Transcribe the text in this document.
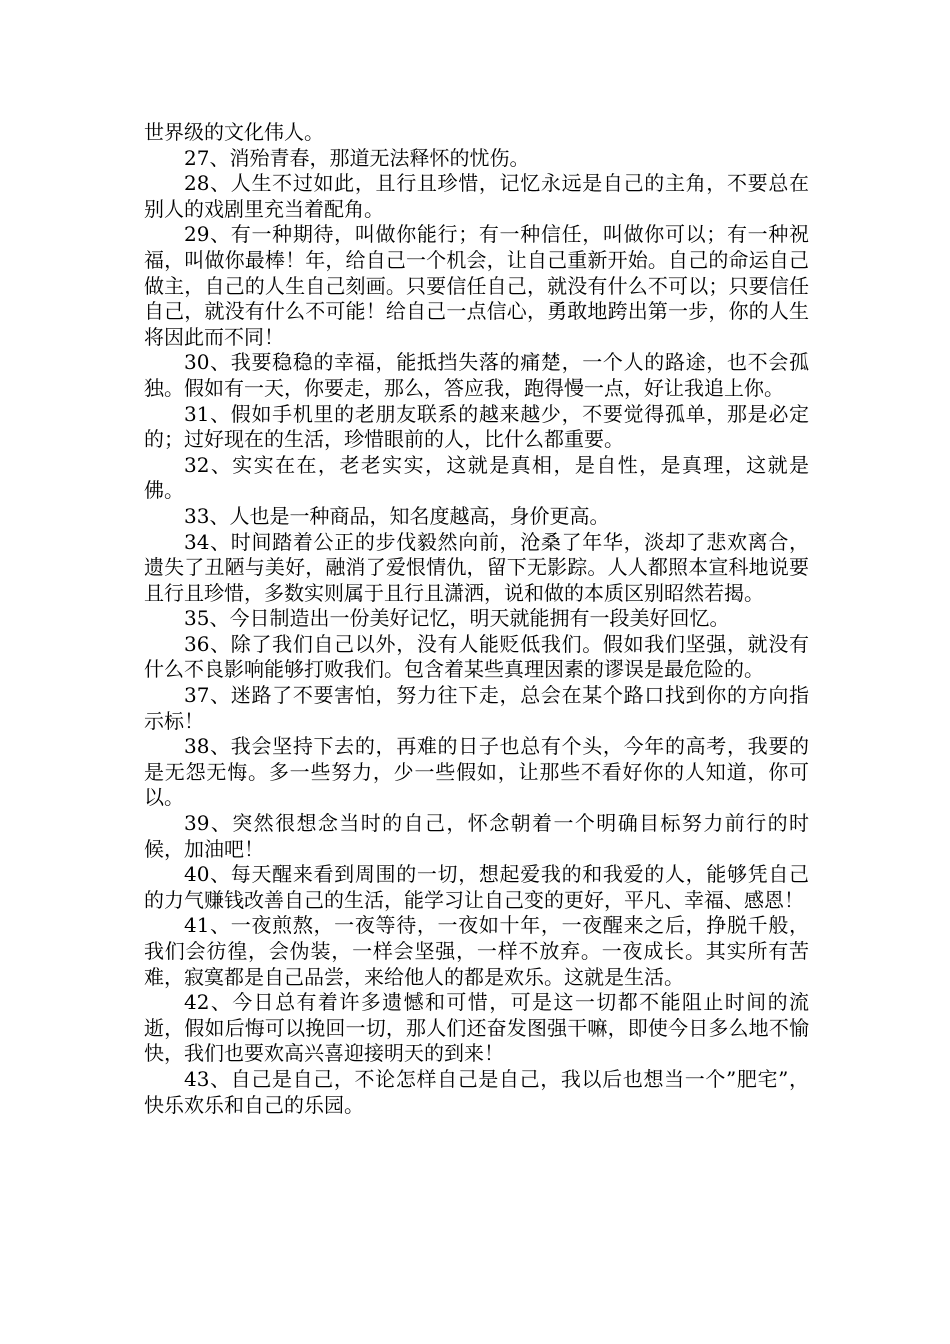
世界级的文化伟人。

27、消殆青春，那道无法释怀的忧伤。

28、人生不过如此，且行且珍惜，记忆永远是自己的主角，不要总在别人的戏剧里充当着配角。

29、有一种期待，叫做你能行；有一种信任，叫做你可以；有一种祝福，叫做你最棒！年，给自己一个机会，让自己重新开始。自己的命运自己做主，自己的人生自己刻画。只要信任自己，就没有什么不可以；只要信任自己，就没有什么不可能！给自己一点信心，勇敢地跨出第一步，你的人生将因此而不同！

30、我要稳稳的幸福，能抵挡失落的痛楚，一个人的路途，也不会孤独。假如有一天，你要走，那么，答应我，跑得慢一点，好让我追上你。

31、假如手机里的老朋友联系的越来越少，不要觉得孤单，那是必定的；过好现在的生活，珍惜眼前的人，比什么都重要。

32、实实在在，老老实实，这就是真相，是自性，是真理，这就是佛。

33、人也是一种商品，知名度越高，身价更高。

34、时间踏着公正的步伐毅然向前，沧桑了年华，淡却了悲欢离合，遗失了丑陋与美好，融消了爱恨情仇，留下无影踪。人人都照本宣科地说要且行且珍惜，多数实则属于且行且潇洒，说和做的本质区别昭然若揭。

35、今日制造出一份美好记忆，明天就能拥有一段美好回忆。

36、除了我们自己以外，没有人能贬低我们。假如我们坚强，就没有什么不良影响能够打败我们。包含着某些真理因素的谬误是最危险的。

37、迷路了不要害怕，努力往下走，总会在某个路口找到你的方向指示标！

38、我会坚持下去的，再难的日子也总有个头，今年的高考，我要的是无怨无悔。多一些努力，少一些假如，让那些不看好你的人知道，你可以。

39、突然很想念当时的自己，怀念朝着一个明确目标努力前行的时候，加油吧！

40、每天醒来看到周围的一切，想起爱我的和我爱的人，能够凭自己的力气赚钱改善自己的生活，能学习让自己变的更好，平凡、幸福、感恩！

41、一夜煎熬，一夜等待，一夜如十年，一夜醒来之后，挣脱千般，我们会彷徨，会伪装，一样会坚强，一样不放弃。一夜成长。其实所有苦难，寂寞都是自己品尝，来给他人的都是欢乐。这就是生活。

42、今日总有着许多遗憾和可惜，可是这一切都不能阻止时间的流逝，假如后悔可以挽回一切，那人们还奋发图强干嘛，即使今日多么地不愉快，我们也要欢高兴喜迎接明天的到来！

43、自己是自己，不论怎样自己是自己，我以后也想当一个”肥宅”，快乐欢乐和自己的乐园。
